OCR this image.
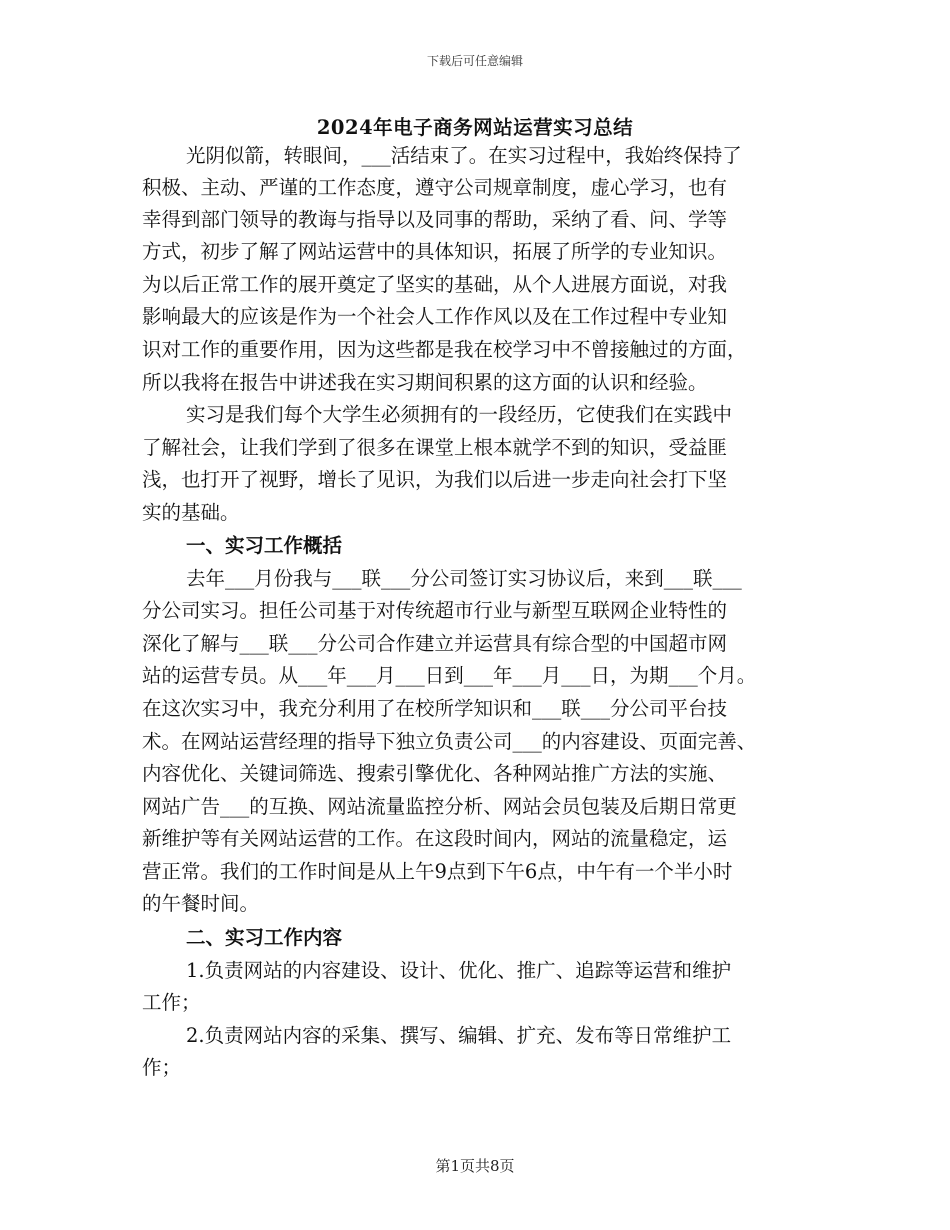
下载后可任意编辑
2024年电子商务网站运营实习总结
光阴似箭，转眼间，___活结束了。在实习过程中，我始终保持了
积极、主动、严谨的工作态度，遵守公司规章制度，虚心学习，也有
幸得到部门领导的教诲与指导以及同事的帮助，采纳了看、问、学等
方式，初步了解了网站运营中的具体知识，拓展了所学的专业知识。
为以后正常工作的展开奠定了坚实的基础，从个人进展方面说，对我
影响最大的应该是作为一个社会人工作作风以及在工作过程中专业知
识对工作的重要作用，因为这些都是我在校学习中不曾接触过的方面，
所以我将在报告中讲述我在实习期间积累的这方面的认识和经验。
实习是我们每个大学生必须拥有的一段经历，它使我们在实践中
了解社会，让我们学到了很多在课堂上根本就学不到的知识，受益匪
浅，也打开了视野，增长了见识，为我们以后进一步走向社会打下坚
实的基础。
一、实习工作概括
去年___月份我与___联___分公司签订实习协议后，来到___联___
分公司实习。担任公司基于对传统超市行业与新型互联网企业特性的
深化了解与___联___分公司合作建立并运营具有综合型的中国超市网
站的运营专员。从___年___月___日到___年___月___日，为期___个月。
在这次实习中，我充分利用了在校所学知识和___联___分公司平台技
术。在网站运营经理的指导下独立负责公司___的内容建设、页面完善、
内容优化、关键词筛选、搜索引擎优化、各种网站推广方法的实施、
网站广告___的互换、网站流量监控分析、网站会员包装及后期日常更
新维护等有关网站运营的工作。在这段时间内，网站的流量稳定，运
营正常。我们的工作时间是从上午9点到下午6点，中午有一个半小时
的午餐时间。
二、实习工作内容
1.负责网站的内容建设、设计、优化、推广、追踪等运营和维护
工作；
2.负责网站内容的采集、撰写、编辑、扩充、发布等日常维护工
作；
第1页共8页
